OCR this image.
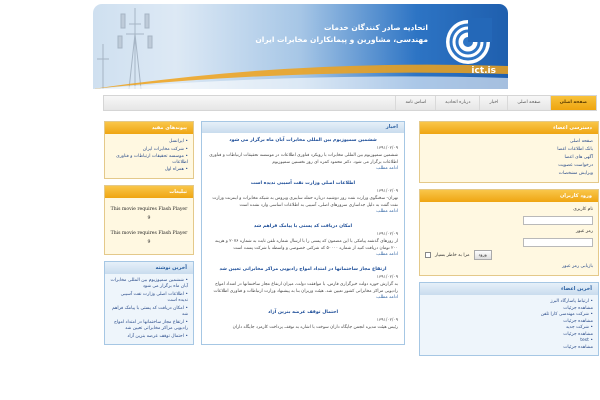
اتحادیه صادر کنندگان خدمات
مهندسی، مشاورین و پیمانکاران مخابرات ایران
ict.is
صفحه اصلی
صفحه اصلی
اخبار
درباره اتحادیه
اساس نامه
پیوندهای مفید
• ایرانسل
• شرکت مخابرات ایران
• موسسه تحقیقات ارتباطات و فناوری اطلاعات
• همراه اول
تبلیغات
This movie requires Flash Player 9
This movie requires Flash Player 9
آخرین نوشته
• ششمین سمپوزیوم بین المللی مخابرات آبان ماه برگزار می شود
• اطلاعات اصلی وزارت نفت آسیبی ندیده است
• امکان دریافت کد پستی با پیامک فراهم شد
• ارتقاع مجاز ساختمانها در امتداد امواج رادیویی مراکز مخابراتی تعیین شد
• احتمال توقف عرضه بنزین آزاد
اخبار
ششمین سمپوزیوم بین المللی مخابرات آبان ماه برگزار می شود
۱۳۹۱/۰۲/۰۹
ششمین سمپوزیوم بین المللی مخابرات با رویکرد فناوری اطلاعات در موسسه تحقیقات ارتباطات و فناوری اطلاعات برگزار می شود. دکتر محمود کمره ای روز نخستین سمپوزیوم
ادامه مطلب
اطلاعات اصلی وزارت نفت آسیبی ندیده است
۱۳۹۱/۰۲/۰۹
تهران- سخنگوی وزارت نفت روز دوشنبه درباره حمله سایبری ویروس به شبکه مخابرات و اینترنت وزارت نفت گفت به دلیل جداسازی سرورهای اصلی، آسیبی به اطلاعات اساسی وارد نشده است
ادامه مطلب
امکان دریافت کد پستی با پیامک فراهم شد
۱۳۹۱/۰۲/۰۹
از روزهای گذشته پیامکی با این مضمون که پستی را با ارسال شماره تلفن ثابت به شماره ۲۰۷۶ و هزینه ۲۰۰ تومان دریافت کنید از شماره ۵۰۰۰۰ که شرکتی خصوصی و واسطه با شرکت پست است
ادامه مطلب
ارتقاع مجاز ساختمانها در امتداد امواج رادیویی مراکز مخابراتی تعیین شد
۱۳۹۱/۰۲/۰۹
به گزارش حوزه دولت خبرگزاری فارس، با موافقت دولت، میزان ارتفاع مجاز ساختمانها در امتداد امواج رادیویی مراکز مخابراتی کشور تعیین شد. هیئت وزیران بنا به پیشنهاد وزارت ارتباطات و فناوری اطلاعات
ادامه مطلب
احتمال توقف عرضه بنزین آزاد
۱۳۹۱/۰۲/۰۹
رئیس هیئت مدیره انجمن جایگاه داران سوخت با اشاره به توقف پرداخت کارمزد جایگاه داران
دسترسی اعضاء
صفحه اصلی
بانک اطلاعات اعضا
آگهی های اعضا
درخواست عضویت
ویرایش مشخصات
ورود کاربران
نام کاربری
رمز عبور
مرا به خاطر بسپار	ورود
بازیابی رمز عبور
آخرین اعضاء
• ارتباط پاسارگاد البرز
مشاهده جزئیات
• شرکت مهندسی کارا تلفن
مشاهده جزئیات
• شرکت جدید
مشاهده جزئیات
• test
مشاهده جزئیات
